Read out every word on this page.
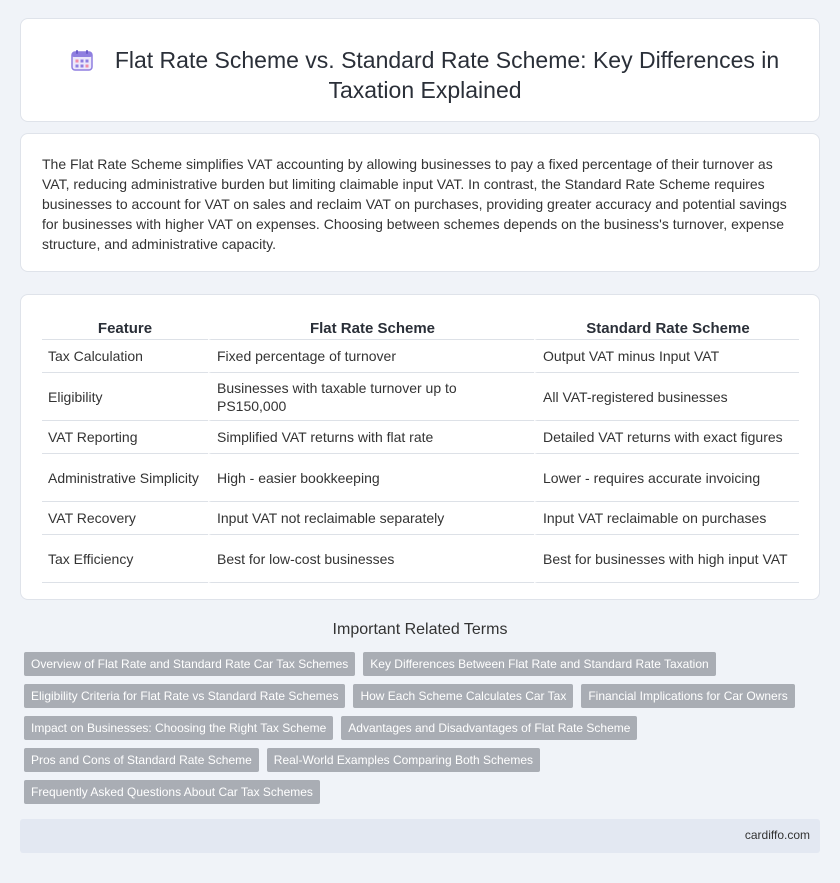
Flat Rate Scheme vs. Standard Rate Scheme: Key Differences in Taxation Explained
The Flat Rate Scheme simplifies VAT accounting by allowing businesses to pay a fixed percentage of their turnover as VAT, reducing administrative burden but limiting claimable input VAT. In contrast, the Standard Rate Scheme requires businesses to account for VAT on sales and reclaim VAT on purchases, providing greater accuracy and potential savings for businesses with higher VAT on expenses. Choosing between schemes depends on the business's turnover, expense structure, and administrative capacity.
Feature	Flat Rate Scheme	Standard Rate Scheme
Tax Calculation	Fixed percentage of turnover	Output VAT minus Input VAT
Eligibility	Businesses with taxable turnover up to PS150,000	All VAT-registered businesses
VAT Reporting	Simplified VAT returns with flat rate	Detailed VAT returns with exact figures
Administrative Simplicity	High - easier bookkeeping	Lower - requires accurate invoicing
VAT Recovery	Input VAT not reclaimable separately	Input VAT reclaimable on purchases
Tax Efficiency	Best for low-cost businesses	Best for businesses with high input VAT
Important Related Terms
Overview of Flat Rate and Standard Rate Car Tax Schemes	Key Differences Between Flat Rate and Standard Rate Taxation
Eligibility Criteria for Flat Rate vs Standard Rate Schemes	How Each Scheme Calculates Car Tax	Financial Implications for Car Owners
Impact on Businesses: Choosing the Right Tax Scheme	Advantages and Disadvantages of Flat Rate Scheme
Pros and Cons of Standard Rate Scheme	Real-World Examples Comparing Both Schemes
Frequently Asked Questions About Car Tax Schemes
cardiffo.com
